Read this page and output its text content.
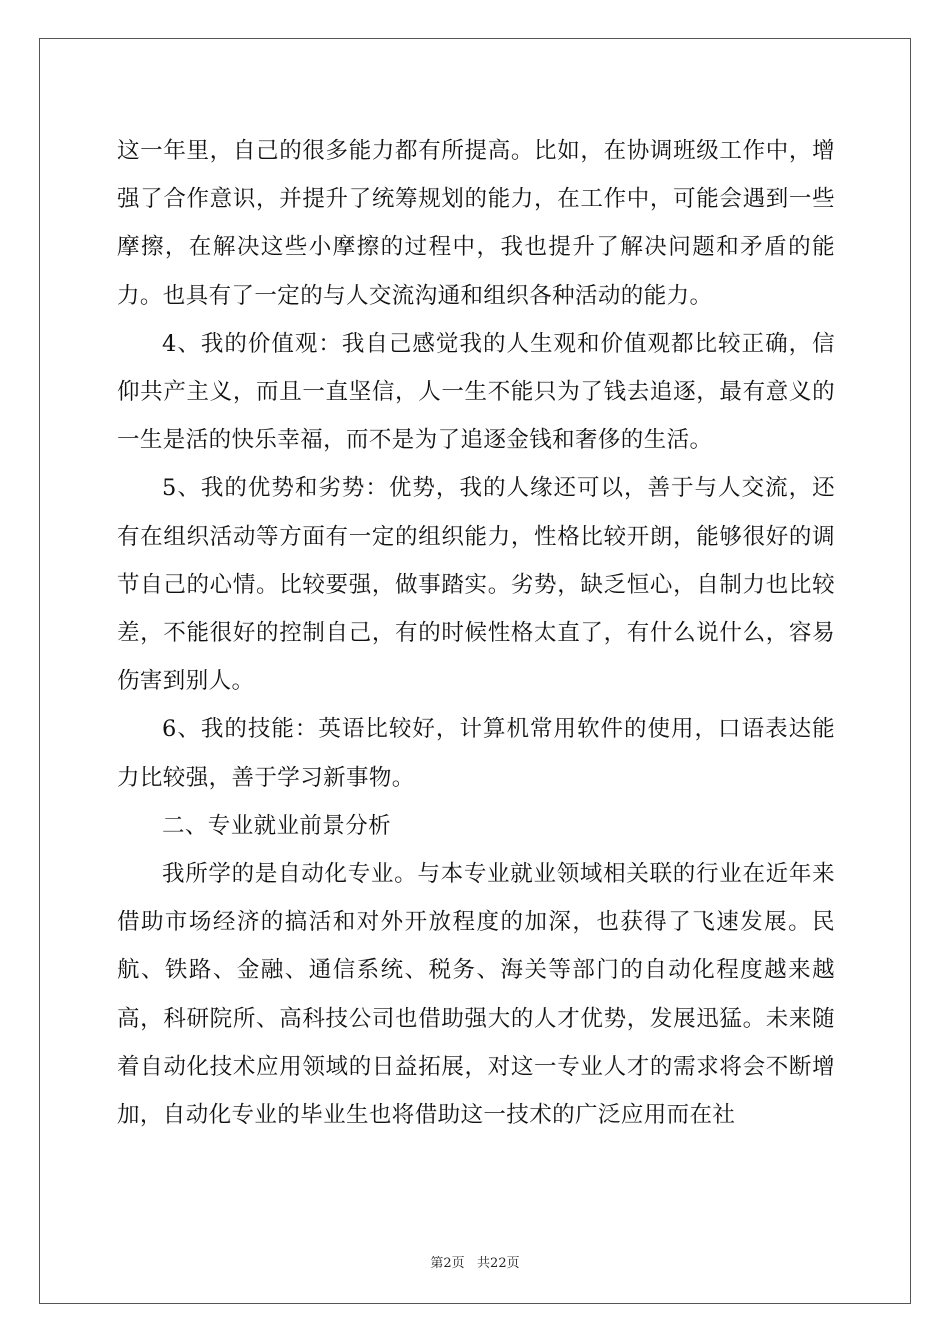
这一年里，自己的很多能力都有所提高。比如，在协调班级工作中，增强了合作意识，并提升了统筹规划的能力，在工作中，可能会遇到一些摩擦，在解决这些小摩擦的过程中，我也提升了解决问题和矛盾的能力。也具有了一定的与人交流沟通和组织各种活动的能力。

4、我的价值观：我自己感觉我的人生观和价值观都比较正确，信仰共产主义，而且一直坚信，人一生不能只为了钱去追逐，最有意义的一生是活的快乐幸福，而不是为了追逐金钱和奢侈的生活。

5、我的优势和劣势：优势，我的人缘还可以，善于与人交流，还有在组织活动等方面有一定的组织能力，性格比较开朗，能够很好的调节自己的心情。比较要强，做事踏实。劣势，缺乏恒心，自制力也比较差，不能很好的控制自己，有的时候性格太直了，有什么说什么，容易伤害到别人。

6、我的技能：英语比较好，计算机常用软件的使用，口语表达能力比较强，善于学习新事物。

二、专业就业前景分析

我所学的是自动化专业。与本专业就业领域相关联的行业在近年来借助市场经济的搞活和对外开放程度的加深，也获得了飞速发展。民航、铁路、金融、通信系统、税务、海关等部门的自动化程度越来越高，科研院所、高科技公司也借助强大的人才优势，发展迅猛。未来随着自动化技术应用领域的日益拓展，对这一专业人才的需求将会不断增加，自动化专业的毕业生也将借助这一技术的广泛应用而在社

第2页   共22页
